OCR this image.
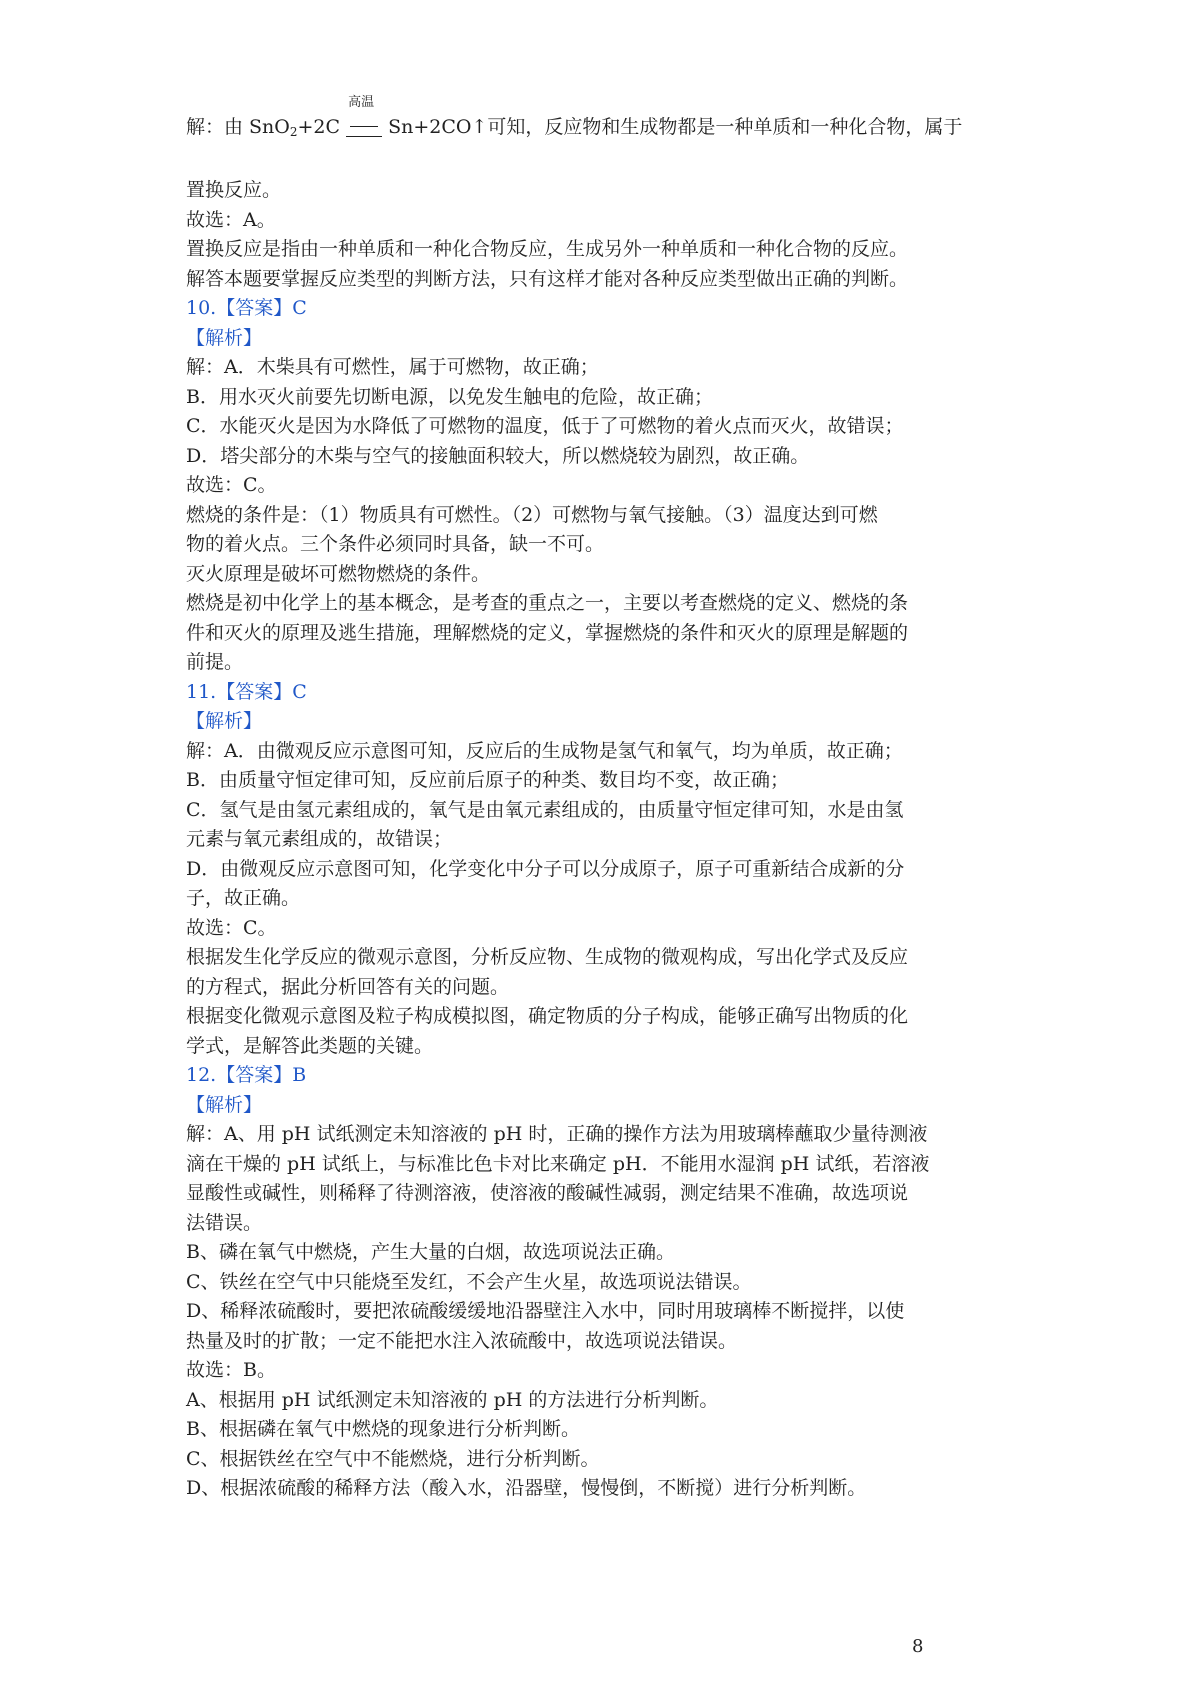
解：由 SnO$_2$+2C
高温
Sn+2CO↑可知，反应物和生成物都是一种单质和一种化合物，属于
置换反应。
故选：A。
置换反应是指由一种单质和一种化合物反应，生成另外一种单质和一种化合物的反应。
解答本题要掌握反应类型的判断方法，只有这样才能对各种反应类型做出正确的判断。
10.【答案】C
【解析】
解：A．木柴具有可燃性，属于可燃物，故正确；
B．用水灭火前要先切断电源，以免发生触电的危险，故正确；
C．水能灭火是因为水降低了可燃物的温度，低于了可燃物的着火点而灭火，故错误；
D．塔尖部分的木柴与空气的接触面积较大，所以燃烧较为剧烈，故正确。
故选：C。
燃烧的条件是：（1）物质具有可燃性。（2）可燃物与氧气接触。（3）温度达到可燃
物的着火点。三个条件必须同时具备，缺一不可。
灭火原理是破坏可燃物燃烧的条件。
燃烧是初中化学上的基本概念，是考查的重点之一，主要以考查燃烧的定义、燃烧的条
件和灭火的原理及逃生措施，理解燃烧的定义，掌握燃烧的条件和灭火的原理是解题的
前提。
11.【答案】C
【解析】
解：A．由微观反应示意图可知，反应后的生成物是氢气和氧气，均为单质，故正确；
B．由质量守恒定律可知，反应前后原子的种类、数目均不变，故正确；
C．氢气是由氢元素组成的，氧气是由氧元素组成的，由质量守恒定律可知，水是由氢
元素与氧元素组成的，故错误；
D．由微观反应示意图可知，化学变化中分子可以分成原子，原子可重新结合成新的分
子，故正确。
故选：C。
根据发生化学反应的微观示意图，分析反应物、生成物的微观构成，写出化学式及反应
的方程式，据此分析回答有关的问题。
根据变化微观示意图及粒子构成模拟图，确定物质的分子构成，能够正确写出物质的化
学式，是解答此类题的关键。
12.【答案】B
【解析】
解：A、用 pH 试纸测定未知溶液的 pH 时，正确的操作方法为用玻璃棒蘸取少量待测液
滴在干燥的 pH 试纸上，与标准比色卡对比来确定 pH．不能用水湿润 pH 试纸，若溶液
显酸性或碱性，则稀释了待测溶液，使溶液的酸碱性减弱，测定结果不准确，故选项说
法错误。
B、磷在氧气中燃烧，产生大量的白烟，故选项说法正确。
C、铁丝在空气中只能烧至发红，不会产生火星，故选项说法错误。
D、稀释浓硫酸时，要把浓硫酸缓缓地沿器壁注入水中，同时用玻璃棒不断搅拌，以使
热量及时的扩散；一定不能把水注入浓硫酸中，故选项说法错误。
故选：B。
A、根据用 pH 试纸测定未知溶液的 pH 的方法进行分析判断。
B、根据磷在氧气中燃烧的现象进行分析判断。
C、根据铁丝在空气中不能燃烧，进行分析判断。
D、根据浓硫酸的稀释方法（酸入水，沿器壁，慢慢倒，不断搅）进行分析判断。
8
